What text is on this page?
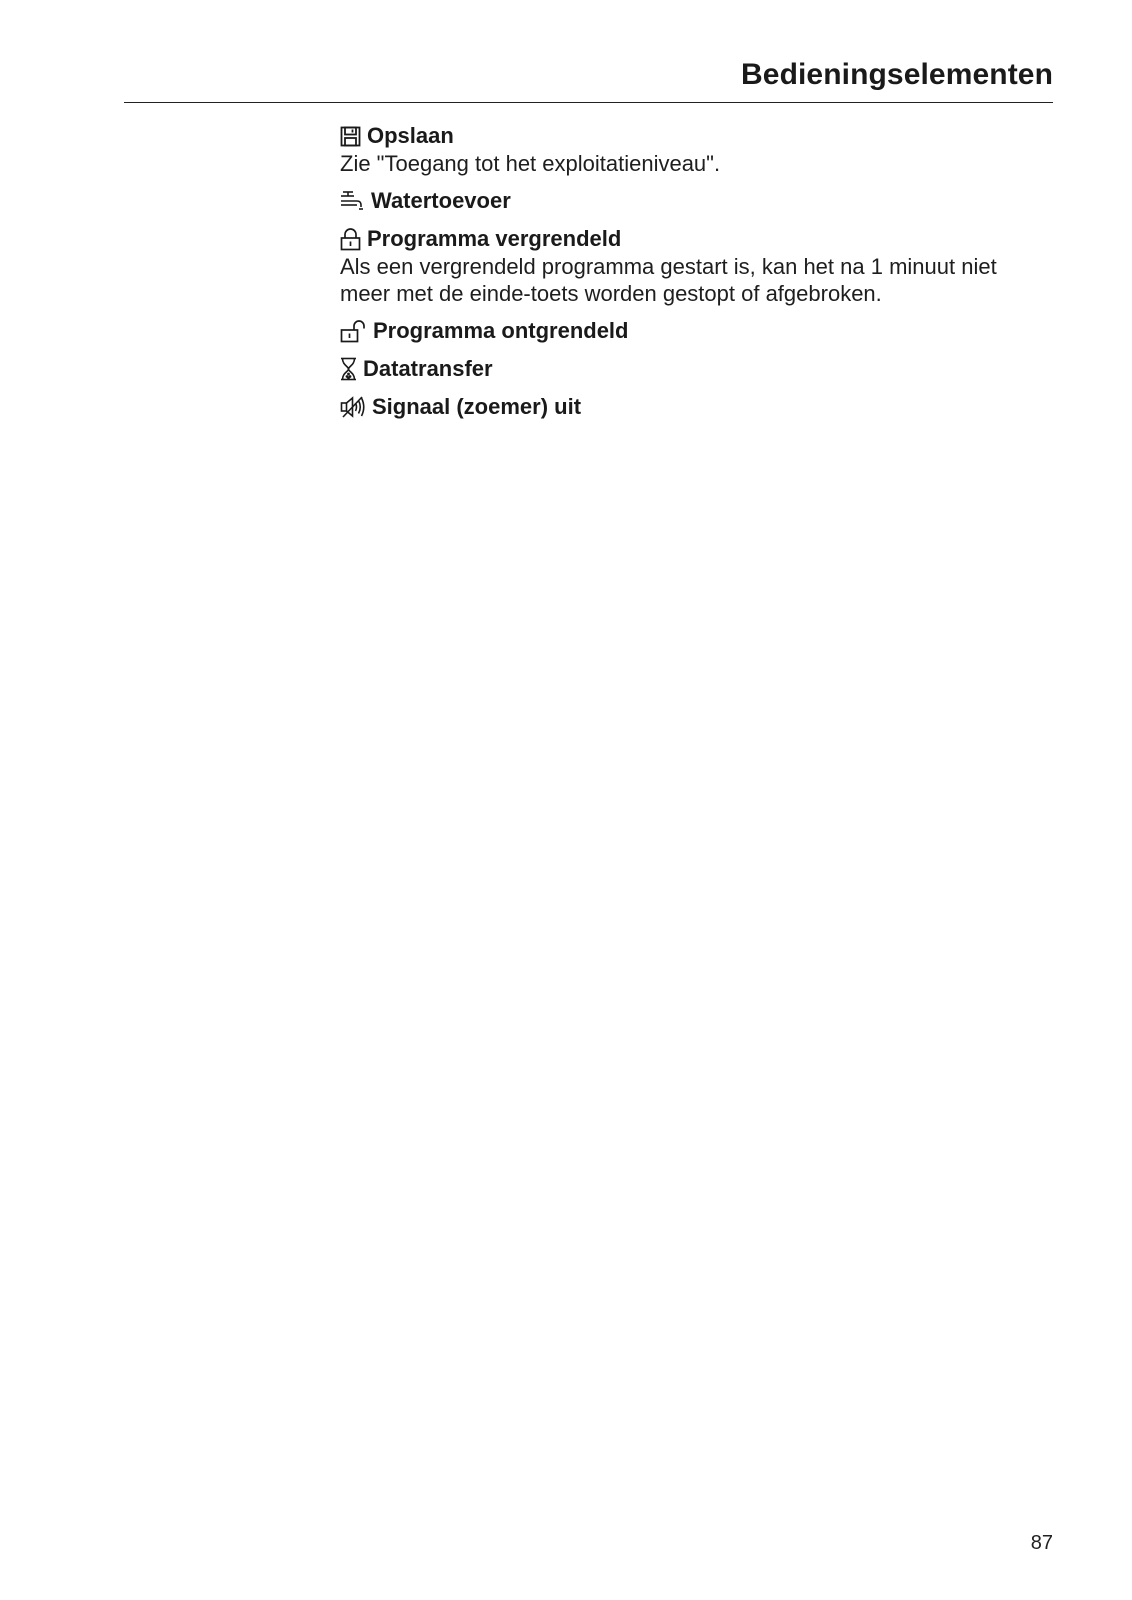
Bedieningselementen
Opslaan
Zie "Toegang tot het exploitatieniveau".
Watertoevoer
Programma vergrendeld
Als een vergrendeld programma gestart is, kan het na 1 minuut niet
meer met de einde-toets worden gestopt of afgebroken.
Programma ontgrendeld
Datatransfer
Signaal (zoemer) uit
87
